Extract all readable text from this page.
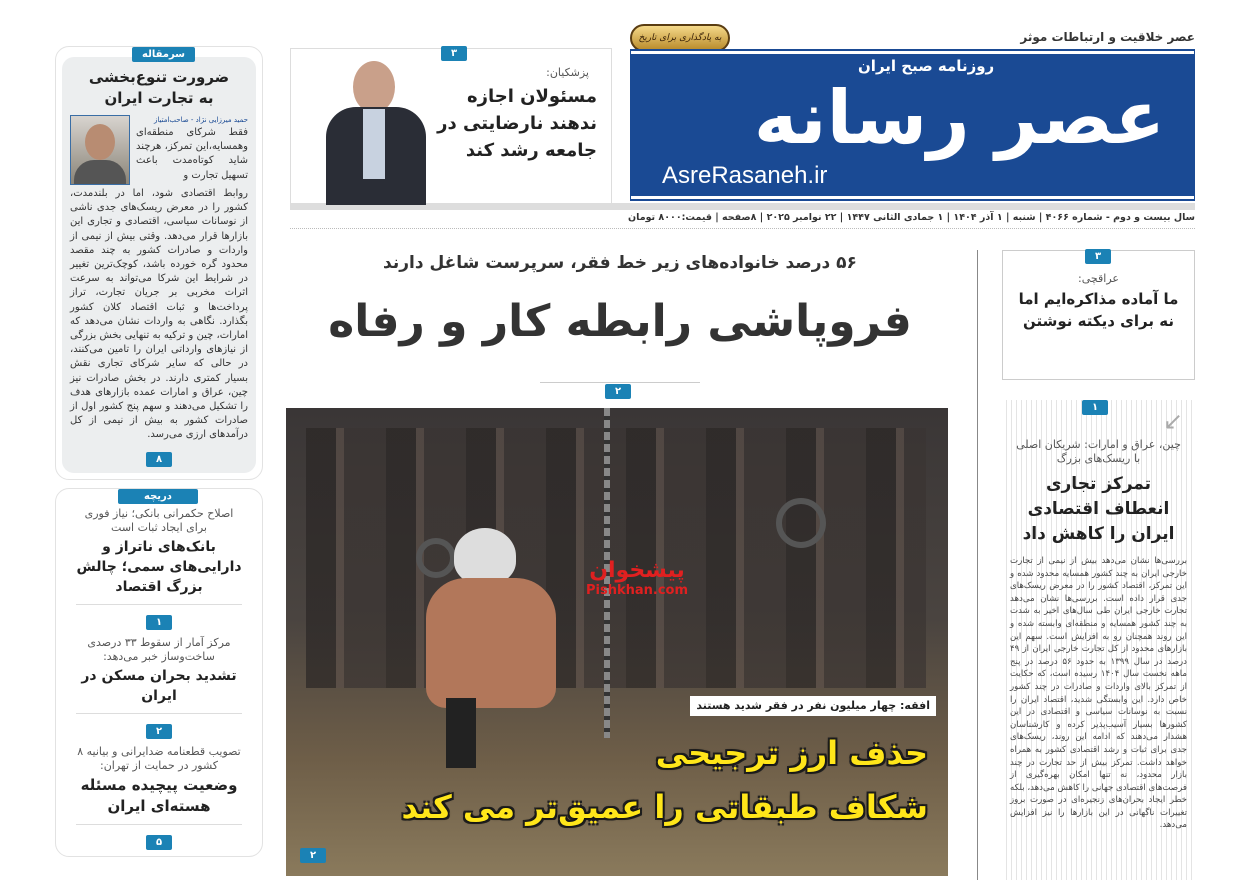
عصر خلاقیت و ارتباطات موثر
به یادگذاری برای تاریخ
روزنامه صبح ایران
عصر رسانه
AsreRasaneh.ir
سال بیست و دوم - شماره ۴۰۶۶ | شنبه | ۱ آذر ۱۴۰۴ | ۱ جمادی الثانی ۱۴۴۷ | ۲۲ نوامبر ۲۰۲۵ | ۸صفحه | قیمت:۸۰۰۰ تومان
۳
پزشکیان:
مسئولان اجازه ندهند نارضایتی در جامعه رشد کند
۵۶ درصد خانواده‌های زیر خط فقر، سرپرست شاغل دارند
فروپاشی رابطه کار و رفاه
۲
پیشخوان
Pishkhan.com
افقه: چهار میلیون نفر در فقر شدید هستند
حذف ارز ترجیحی
شکاف طبقاتی را عمیق‌تر می کند
۲
سرمقاله
ضرورت تنوع‌بخشی به تجارت ایران
حمید میرزایی نژاد - صاحب‌امتیاز
فقط شرکای منطقه‌ای وهمسایه،این تمرکز، هرچند شاید کوتاه‌مدت باعث تسهیل تجارت و
روابط اقتصادی شود، اما در بلندمدت، کشور را در معرض ریسک‌های جدی ناشی از نوسانات سیاسی، اقتصادی و تجاری این بازارها قرار می‌دهد. وقتی بیش از نیمی از واردات و صادرات کشور به چند مقصد محدود گره خورده باشد، کوچک‌ترین تغییر در شرایط این شرکا می‌تواند به سرعت اثرات مخربی بر جریان تجارت، تراز پرداخت‌ها و ثبات اقتصاد کلان کشور بگذارد. نگاهی به واردات نشان می‌دهد که امارات، چین و ترکیه به تنهایی بخش بزرگی از نیازهای وارداتی ایران را تامین می‌کنند، در حالی که سایر شرکای تجاری نقش بسیار کمتری دارند. در بخش صادرات نیز چین، عراق و امارات عمده بازارهای هدف را تشکیل می‌دهند و سهم پنج کشور اول از صادرات کشور به بیش از نیمی از کل درآمدهای ارزی می‌رسد.
۸
دریچه
اصلاح حکمرانی بانکی؛ نیاز فوری برای ایجاد ثبات است
بانک‌های ناتراز و دارایی‌های سمی؛ چالش بزرگ اقتصاد
۱
مرکز آمار از سقوط ۳۳ درصدی ساخت‌وساز خبر می‌دهد:
تشدید بحران مسکن در ایران
۲
تصویب قطعنامه ضدایرانی و بیانیه ۸ کشور در حمایت از تهران:
وضعیت پیچیده مسئله هسته‌ای ایران
۵
۳
عراقچی:
ما آماده مذاکره‌ایم اما نه برای دیکته نوشتن
۱	↙
چین، عراق و امارات: شریکان اصلی با ریسک‌های بزرگ
تمرکز تجاری انعطاف اقتصادی ایران را کاهش داد
بررسی‌ها نشان می‌دهد بیش از نیمی از تجارت خارجی ایران به چند کشور همسایه محدود شده و این تمرکز، اقتصاد کشور را در معرض ریسک‌های جدی قرار داده است. بررسی‌ها نشان می‌دهد تجارت خارجی ایران طی سال‌های اخیر به شدت به چند کشور همسایه و منطقه‌ای وابسته شده و این روند همچنان رو به افزایش است. سهم این بازارهای محدود از کل تجارت خارجی ایران از ۴۹ درصد در سال ۱۳۹۹ به حدود ۵۶ درصد در پنج ماهه نخست سال ۱۴۰۴ رسیده است، که حکایت از تمرکز بالای واردات و صادرات در چند کشور خاص دارد. این وابستگی شدید، اقتصاد ایران را نسبت به نوسانات سیاسی و اقتصادی در این کشورها بسیار آسیب‌پذیر کرده و کارشناسان هشدار می‌دهند که ادامه این روند، ریسک‌های جدی برای ثبات و رشد اقتصادی کشور به همراه خواهد داشت. تمرکز بیش از حد تجارت در چند بازار محدود، نه تنها امکان بهره‌گیری از فرصت‌های اقتصادی جهانی را کاهش می‌دهد، بلکه خطر ایجاد بحران‌های زنجیره‌ای در صورت بروز تغییرات ناگهانی در این بازارها را نیز افزایش می‌دهد.
